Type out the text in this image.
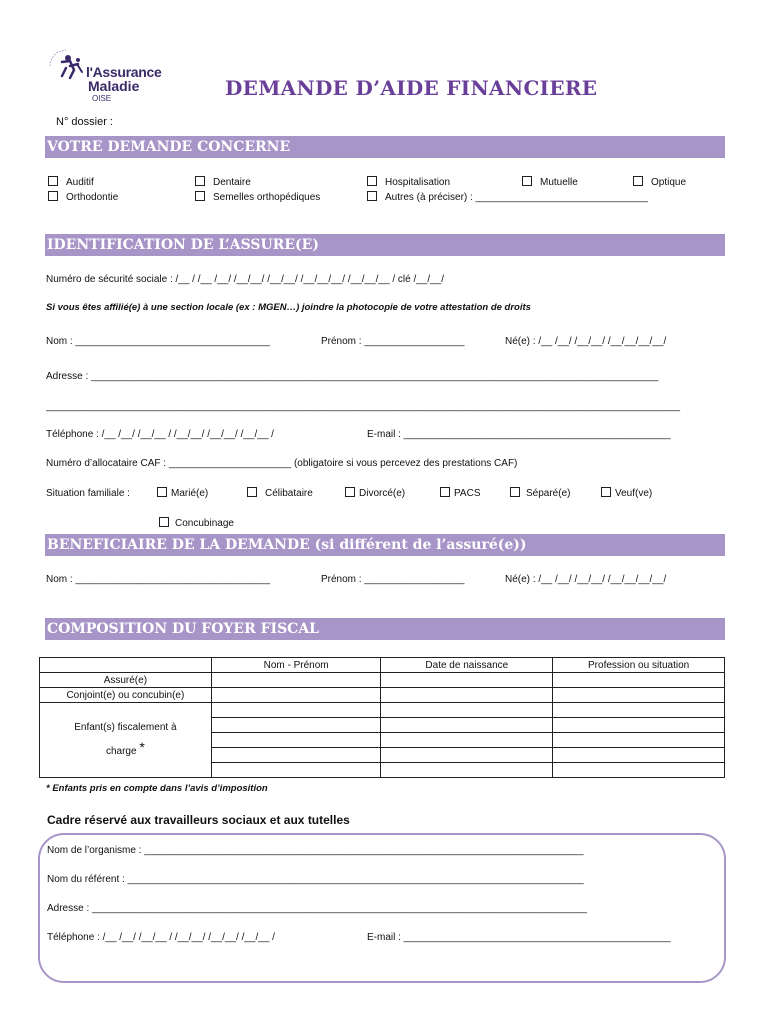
l'Assurance
Maladie
OISE	DEMANDE D’AIDE FINANCIERE
N° dossier :
VOTRE DEMANDE CONCERNE
Auditif	Dentaire	Hospitalisation	Mutuelle	Optique
Orthodontie	Semelles orthopédiques	Autres (à préciser) : _______________________________
IDENTIFICATION DE L’ASSURE(E)
Numéro de sécurité sociale : /__ / /__ /__/ /__/__/ /__/__/ /__/__/__/ /__/__/__ / clé /__/__/
Si vous êtes affilié(e) à une section locale (ex : MGEN…) joindre la photocopie de votre attestation de droits
Nom : ___________________________________	Prénom : __________________	Né(e) : /__ /__/ /__/__/ /__/__/__/__/
Adresse : ______________________________________________________________________________________________________
__________________________________________________________________________________________________________________
Téléphone : /__ /__/ /__/__ / /__/__/ /__/__/ /__/__ /	E-mail : ________________________________________________
Numéro d’allocataire CAF : ______________________ (obligatoire si vous percevez des prestations CAF)
Situation familiale :	Marié(e)	Célibataire	Divorcé(e)	PACS	Séparé(e)	Veuf(ve)
Concubinage
BENEFICIAIRE DE LA DEMANDE (si différent de l’assuré(e))
Nom : ___________________________________	Prénom : __________________	Né(e) : /__ /__/ /__/__/ /__/__/__/__/
COMPOSITION DU FOYER FISCAL
	Nom - Prénom	Date de naissance	Profession ou situation
Assuré(e)			
Conjoint(e) ou concubin(e)			
Enfant(s) fiscalement à
charge *			

* Enfants pris en compte dans l’avis d’imposition
Cadre réservé aux travailleurs sociaux et aux tutelles
Nom de l’organisme : _______________________________________________________________________________
Nom du référent : __________________________________________________________________________________
Adresse : _________________________________________________________________________________________
Téléphone : /__ /__/ /__/__ / /__/__/ /__/__/ /__/__ /	E-mail : ________________________________________________
